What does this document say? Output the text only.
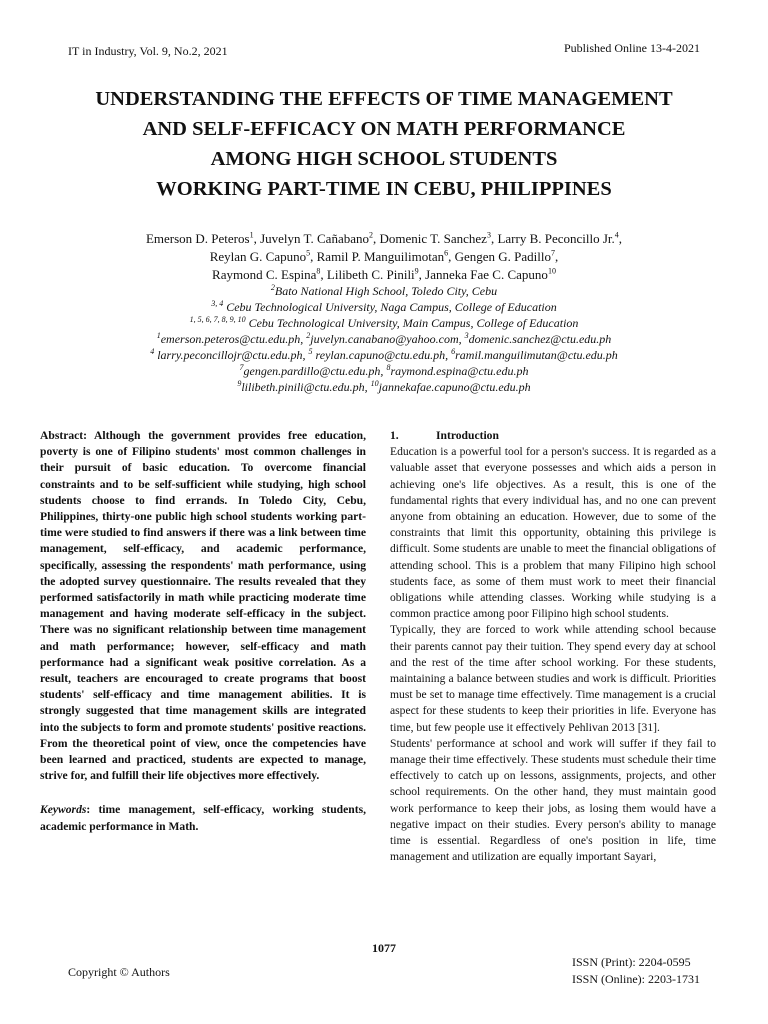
IT in Industry, Vol. 9, No.2, 2021	Published Online 13-4-2021
UNDERSTANDING THE EFFECTS OF TIME MANAGEMENT
AND SELF-EFFICACY ON MATH PERFORMANCE
AMONG HIGH SCHOOL STUDENTS
WORKING PART-TIME IN CEBU, PHILIPPINES
Emerson D. Peteros$^1$, Juvelyn T. Cañabano$^2$, Domenic T. Sanchez$^3$, Larry B. Peconcillo Jr.$^4$,
Reylan G. Capuno$^5$, Ramil P. Manguilimotan$^6$, Gengen G. Padillo$^7$,
Raymond C. Espina$^8$, Lilibeth C. Pinili$^9$, Janneka Fae C. Capuno$^{10}$
$^2$Bato National High School, Toledo City, Cebu
$^{3, 4}$ Cebu Technological University, Naga Campus, College of Education
$^{1, 5, 6, 7, 8, 9, 10}$ Cebu Technological University, Main Campus, College of Education
$^1$emerson.peteros@ctu.edu.ph, $^2$juvelyn.canabano@yahoo.com, $^3$domenic.sanchez@ctu.edu.ph
$^4$ larry.peconcillojr@ctu.edu.ph, $^5$ reylan.capuno@ctu.edu.ph, $^6$ramil.manguilimutan@ctu.edu.ph
$^7$gengen.pardillo@ctu.edu.ph, $^8$raymond.espina@ctu.edu.ph
$^9$lilibeth.pinili@ctu.edu.ph, $^{10}$jannekafae.capuno@ctu.edu.ph

Abstract: Although the government provides free education, poverty is one of Filipino students' most common challenges in their pursuit of basic education. To overcome financial constraints and to be self-sufficient while studying, high school students choose to find errands. In Toledo City, Cebu, Philippines, thirty-one public high school students working part-time were studied to find answers if there was a link between time management, self-efficacy, and academic performance, specifically, assessing the respondents' math performance, using the adopted survey questionnaire. The results revealed that they performed satisfactorily in math while practicing moderate time management and having moderate self-efficacy in the subject. There was no significant relationship between time management and math performance; however, self-efficacy and math performance had a significant weak positive correlation. As a result, teachers are encouraged to create programs that boost students' self-efficacy and time management abilities. It is strongly suggested that time management skills are integrated into the subjects to form and promote students' positive reactions. From the theoretical point of view, once the competencies have been learned and practiced, students are expected to manage, strive for, and fulfill their life objectives more effectively.

Keywords: time management, self-efficacy, working students, academic performance in Math.

1.	Introduction

Education is a powerful tool for a person's success. It is regarded as a valuable asset that everyone possesses and which aids a person in achieving one's life objectives. As a result, this is one of the fundamental rights that every individual has, and no one can prevent anyone from obtaining an education. However, due to some of the constraints that limit this opportunity, obtaining this privilege is difficult. Some students are unable to meet the financial obligations of attending school. This is a problem that many Filipino high school students face, as some of them must work to meet their financial obligations while attending classes. Working while studying is a common practice among poor Filipino high school students.

Typically, they are forced to work while attending school because their parents cannot pay their tuition. They spend every day at school and the rest of the time after school working. For these students, maintaining a balance between studies and work is difficult. Priorities must be set to manage time effectively. Time management is a crucial aspect for these students to keep their priorities in life. Everyone has time, but few people use it effectively Pehlivan 2013 [31].

Students' performance at school and work will suffer if they fail to manage their time effectively. These students must schedule their time effectively to catch up on lessons, assignments, projects, and other school requirements. On the other hand, they must maintain good work performance to keep their jobs, as losing them would have a negative impact on their studies. Every person's ability to manage time is essential. Regardless of one's position in life, time management and utilization are equally important Sayari,

1077
Copyright © Authors
ISSN (Print): 2204-0595
ISSN (Online): 2203-1731
